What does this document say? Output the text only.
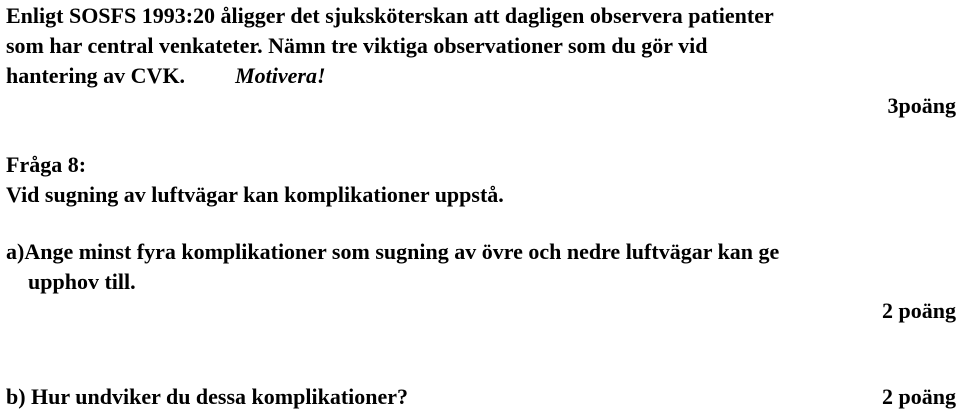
Enligt SOSFS 1993:20 åligger det sjuksköterskan att dagligen observera patienter
som har central venkateter. Nämn tre viktiga observationer som du gör vid
hantering av CVK. Motivera!
3poäng
Fråga 8:
Vid sugning av luftvägar kan komplikationer uppstå.
a)Ange minst fyra komplikationer som sugning av övre och nedre luftvägar kan ge
upphov till.
2 poäng
b) Hur undviker du dessa komplikationer?	2 poäng
